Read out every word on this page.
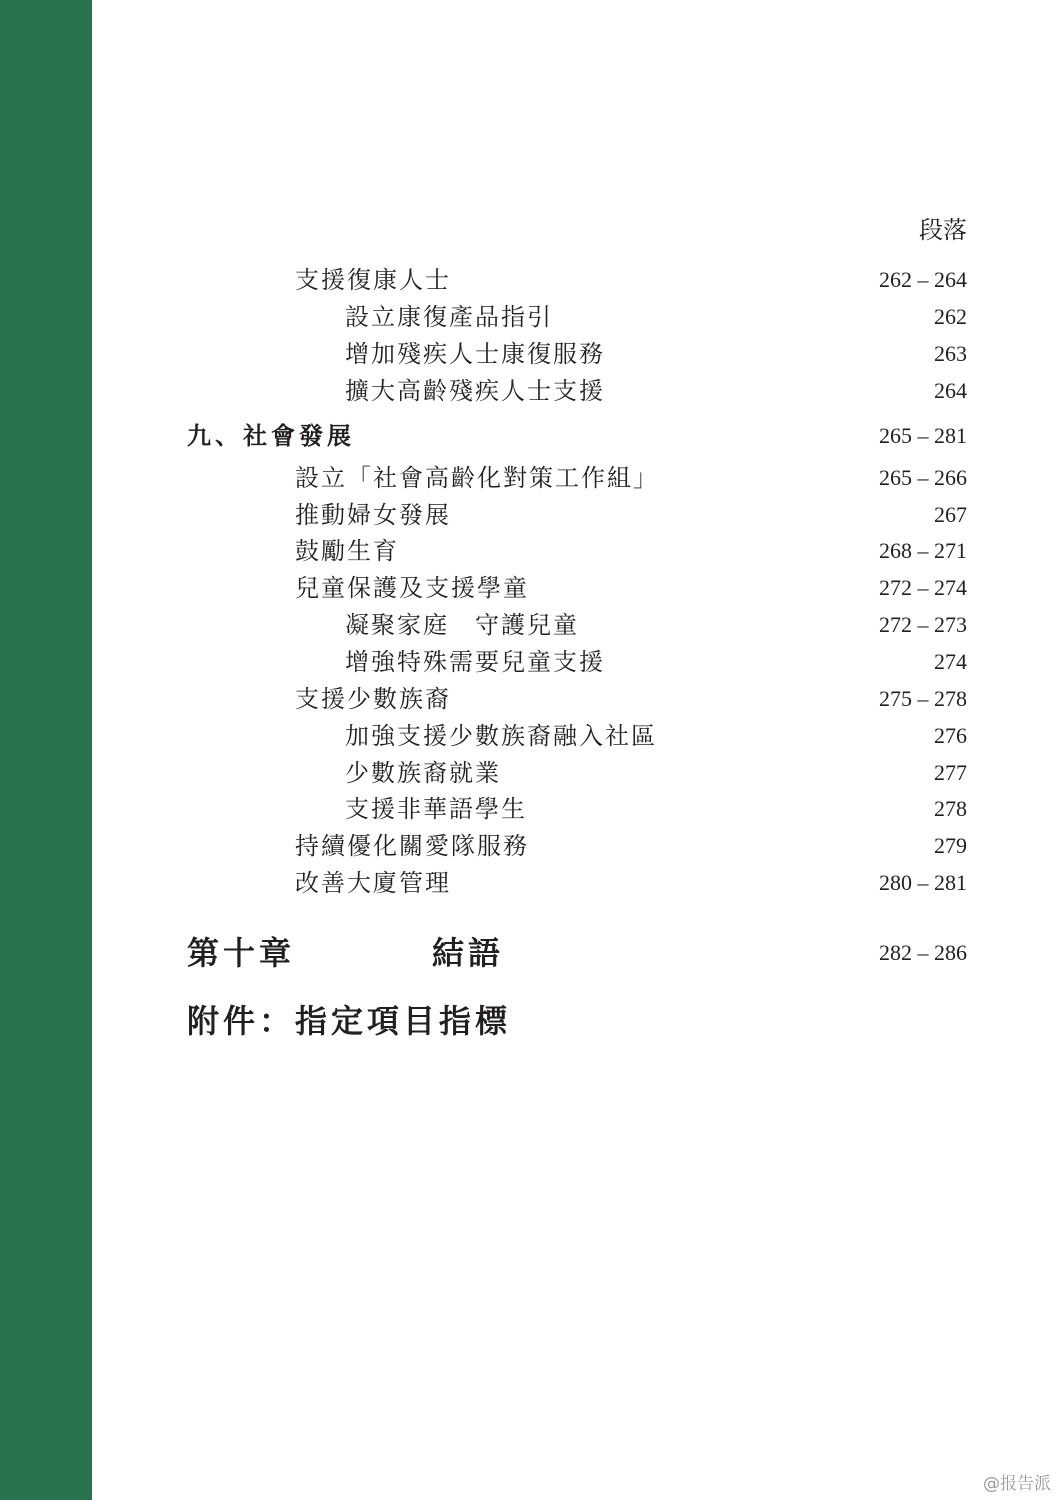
段落
支援復康人士	262 – 264
設立康復產品指引	262
增加殘疾人士康復服務	263
擴大高齡殘疾人士支援	264
九、社會發展	265 – 281
設立「社會高齡化對策工作組」	265 – 266
推動婦女發展	267
鼓勵生育	268 – 271
兒童保護及支援學童	272 – 274
凝聚家庭　守護兒童	272 – 273
增強特殊需要兒童支援	274
支援少數族裔	275 – 278
加強支援少數族裔融入社區	276
少數族裔就業	277
支援非華語學生	278
持續優化關愛隊服務	279
改善大廈管理	280 – 281
第十章	結語	282 – 286
附件：指定項目指標
@报告派
